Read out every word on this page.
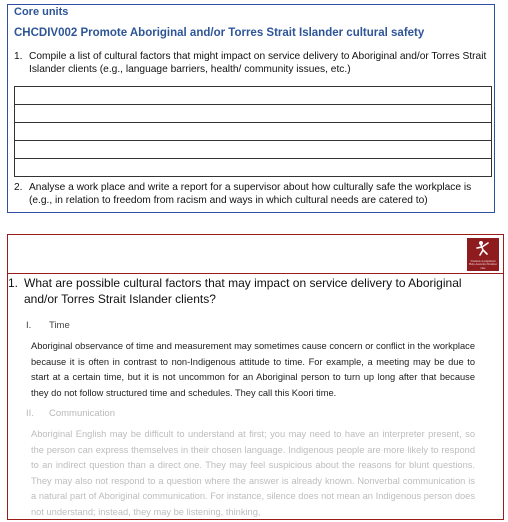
Core units
CHCDIV002 Promote Aboriginal and/or Torres Strait Islander cultural safety
1. Compile a list of cultural factors that might impact on service delivery to Aboriginal and/or Torres Strait Islander clients (e.g., language barriers, health/ community issues, etc.)

2. Analyse a work place and write a report for a supervisor about how culturally safe the workplace is (e.g., in relation to freedom from racism and ways in which cultural needs are catered to)
Students Assignment
Help Australia Number One
1. What are possible cultural factors that may impact on service delivery to Aboriginal and/or Torres Strait Islander clients?
I.	Time
Aboriginal observance of time and measurement may sometimes cause concern or conflict in the workplace because it is often in contrast to non-Indigenous attitude to time. For example, a meeting may be due to start at a certain time, but it is not uncommon for an Aboriginal person to turn up long after that because they do not follow structured time and schedules. They call this Koori time.
II.	Communication
Aboriginal English may be difficult to understand at first; you may need to have an interpreter present, so the person can express themselves in their chosen language. Indigenous people are more likely to respond to an indirect question than a direct one. They may feel suspicious about the reasons for blunt questions. They may also not respond to a question where the answer is already known. Nonverbal communication is a natural part of Aboriginal communication. For instance, silence does not mean an Indigenous person does not understand; instead, they may be listening, thinking,
